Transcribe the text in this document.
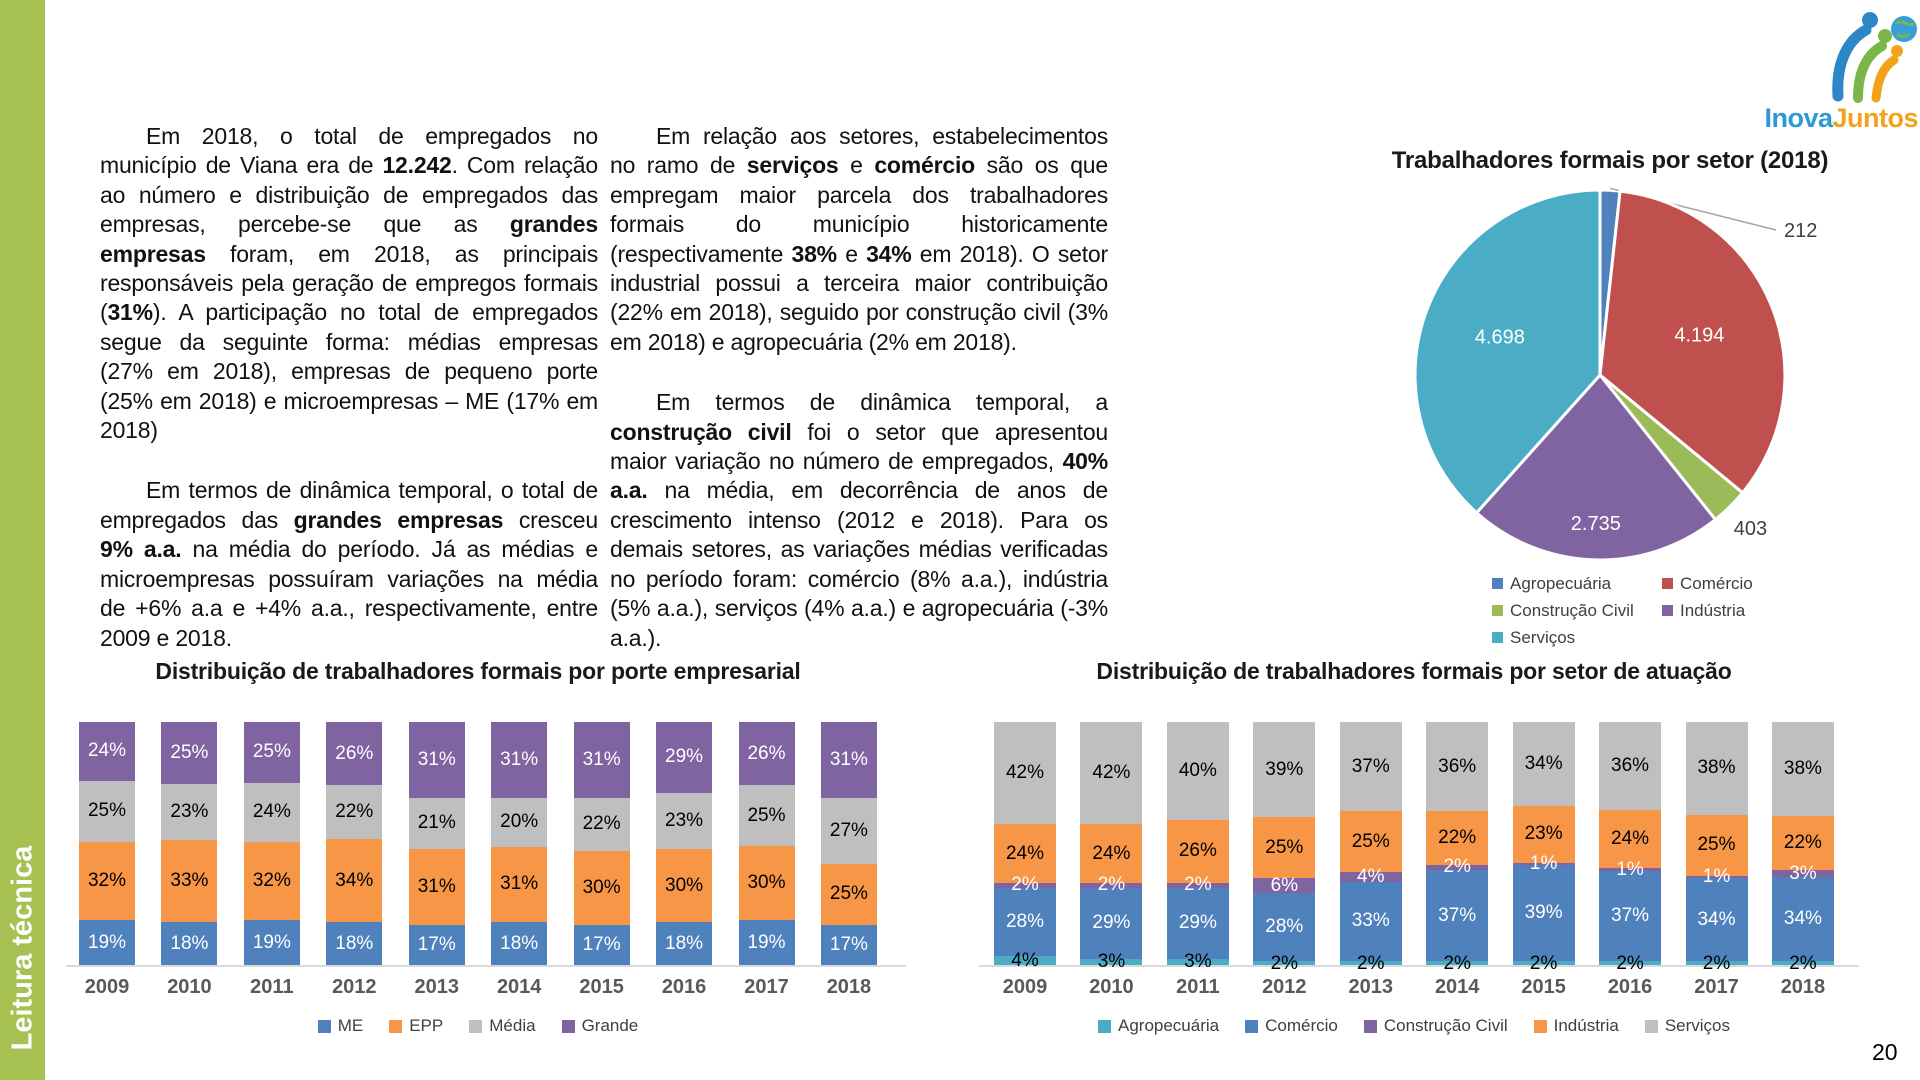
Leitura técnica
InovaJuntos

Em 2018, o total de empregados no município de Viana era de 12.242. Com relação ao número e distribuição de empregados das empresas, percebe-se que as grandes empresas foram, em 2018, as principais responsáveis pela geração de empregos formais (31%). A participação no total de empregados segue da seguinte forma: médias empresas (27% em 2018), empresas de pequeno porte (25% em 2018) e microempresas – ME (17% em 2018)

Em termos de dinâmica temporal, o total de empregados das grandes empresas cresceu 9% a.a. na média do período. Já as médias e microempresas possuíram variações na média de +6% a.a e +4% a.a., respectivamente, entre 2009 e 2018.

Em relação aos setores, estabelecimentos no ramo de serviços e comércio são os que empregam maior parcela dos trabalhadores formais do município historicamente (respectivamente 38% e 34% em 2018). O setor industrial possui a terceira maior contribuição (22% em 2018), seguido por construção civil (3% em 2018) e agropecuária (2% em 2018).

Em termos de dinâmica temporal, a construção civil foi o setor que apresentou maior variação no número de empregados, 40% a.a. na média, em decorrência de anos de crescimento intenso (2012 e 2018). Para os demais setores, as variações médias verificadas no período foram: comércio (8% a.a.), indústria (5% a.a.), serviços (4% a.a.) e agropecuária (-3% a.a.).

Trabalhadores formais por setor (2018)
212
4.194
403
2.735
4.698
Agropecuária	Comércio
Construção Civil	Indústria
Serviços
Distribuição de trabalhadores formais por porte empresarial
19%
32%
25%
24%
18%
33%
23%
25%
19%
32%
24%
25%
18%
34%
22%
26%
17%
31%
21%
31%
18%
31%
20%
31%
17%
30%
22%
31%
18%
30%
23%
29%
19%
30%
25%
26%
17%
25%
27%
31%
2009 2010	2011	2012 2013 2014 2015 2016 2017 2018
ME	EPP	Média	Grande
Distribuição de trabalhadores formais por setor de atuação
4%
28%
2%
24%
42%
3%
29%
2%
24%
42%
3%
29%
2%
26%
40%
2%
28%
6%
25%
39%
2%
33%
4%
25%
37%
2%
37%
2%
22%
36%
2%
39%
1%
23%
34%
2%
37%
1%
24%
36%
2%
34%
1%
25%
38%
2%
34%
3%
22%
38%
2009	2010	2011	2012	2013	2014	2015	2016	2017	2018
Agropecuária	Comércio	Construção Civil	Indústria	Serviços
20
